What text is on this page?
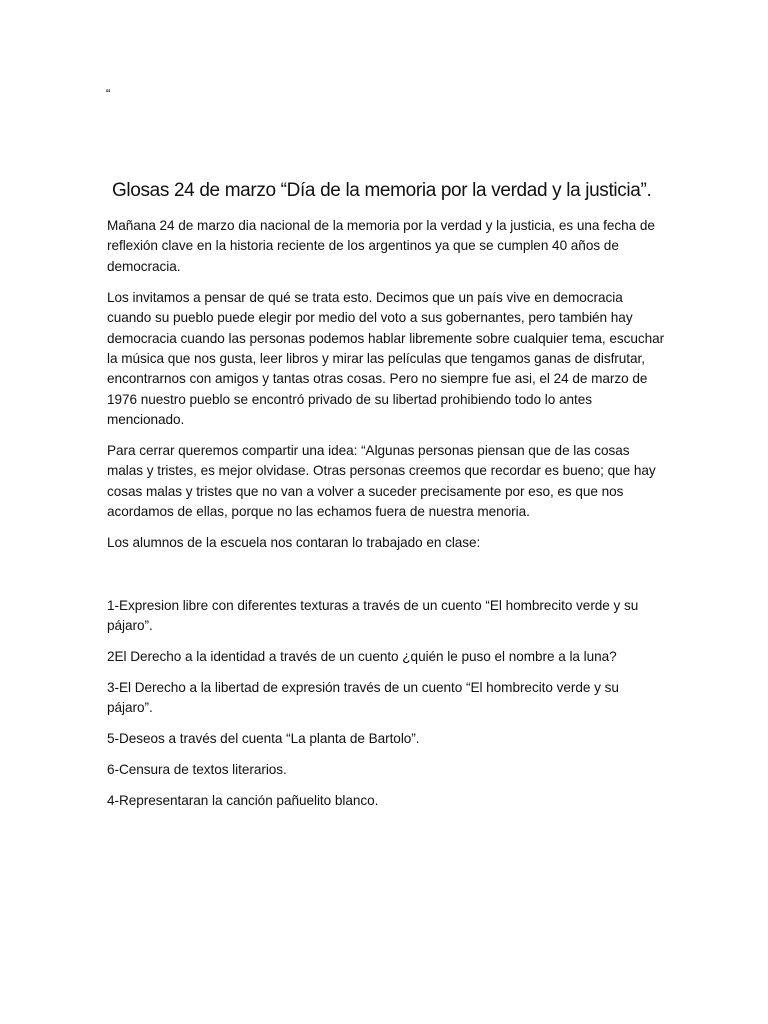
“
Glosas 24 de marzo “Día de la memoria por la verdad y la justicia”.

Mañana 24 de marzo dia nacional de la memoria por la verdad y la justicia, es una fecha de reflexión clave en la historia reciente de los argentinos ya que se cumplen 40 años de democracia.

Los invitamos a pensar de qué se trata esto. Decimos que un país vive en democracia cuando su pueblo puede elegir por medio del voto a sus gobernantes, pero también hay democracia cuando las personas podemos hablar libremente sobre cualquier tema, escuchar la música que nos gusta, leer libros y mirar las películas que tengamos ganas de disfrutar, encontrarnos con amigos y tantas otras cosas. Pero no siempre fue asi, el 24 de marzo de 1976 nuestro pueblo se encontró privado de su libertad prohibiendo todo lo antes mencionado.

Para cerrar queremos compartir una idea: “Algunas personas piensan que de las cosas malas y tristes, es mejor olvidase. Otras personas creemos que recordar es bueno; que hay cosas malas y tristes que no van a volver a suceder precisamente por eso, es que nos acordamos de ellas, porque no las echamos fuera de nuestra menoria.

Los alumnos de la escuela nos contaran lo trabajado en clase:

1-Expresion libre con diferentes texturas a través de un cuento “El hombrecito verde y su pájaro”.

2El Derecho a la identidad a través de un cuento ¿quién le puso el nombre a la luna?

3-El Derecho a la libertad de expresión través de un cuento “El hombrecito verde y su pájaro”.

5-Deseos a través del cuenta “La planta de Bartolo”.

6-Censura de textos literarios.

4-Representaran la canción pañuelito blanco.
